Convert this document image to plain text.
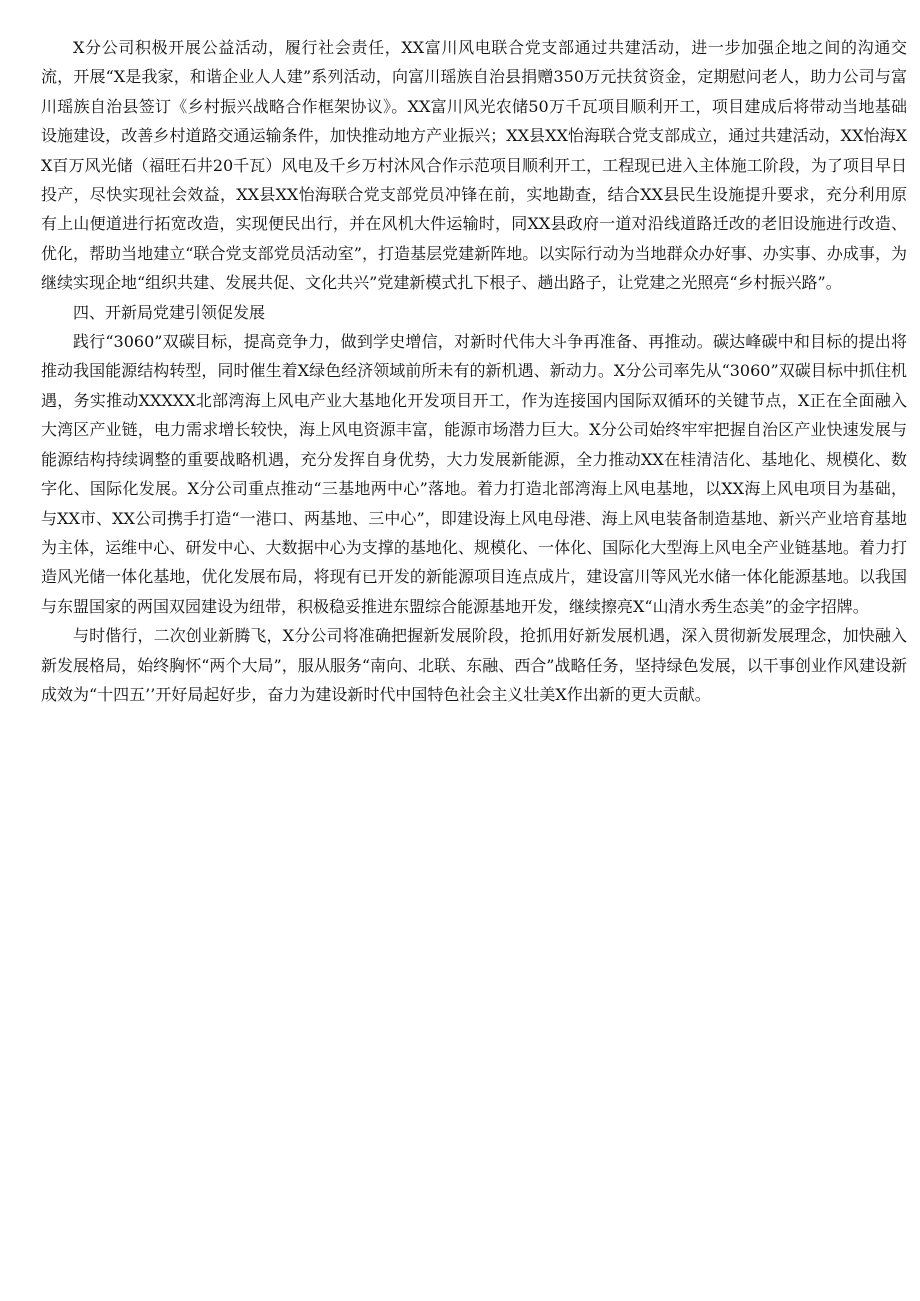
X分公司积极开展公益活动，履行社会责任，XX富川风电联合党支部通过共建活动，进一步加强企地之间的沟通交流，开展“X是我家，和谐企业人人建”系列活动，向富川瑶族自治县捐赠350万元扶贫资金，定期慰问老人，助力公司与富川瑶族自治县签订《乡村振兴战略合作框架协议》。XX富川风光农储50万千瓦项目顺利开工，项目建成后将带动当地基础设施建设，改善乡村道路交通运输条件，加快推动地方产业振兴；XX县XX怡海联合党支部成立，通过共建活动，XX怡海XX百万风光储（福旺石井20千瓦）风电及千乡万村沐风合作示范项目顺利开工，工程现已进入主体施工阶段，为了项目早日投产，尽快实现社会效益，XX县XX怡海联合党支部党员冲锋在前，实地勘查，结合XX县民生设施提升要求，充分利用原有上山便道进行拓宽改造，实现便民出行，并在风机大件运输时，同XX县政府一道对沿线道路迁改的老旧设施进行改造、优化，帮助当地建立“联合党支部党员活动室”，打造基层党建新阵地。以实际行动为当地群众办好事、办实事、办成事，为继续实现企地“组织共建、发展共促、文化共兴”党建新模式扎下根子、趟出路子，让党建之光照亮“乡村振兴路”。

四、开新局党建引领促发展

践行“3060”双碳目标，提高竞争力，做到学史增信，对新时代伟大斗争再准备、再推动。碳达峰碳中和目标的提出将推动我国能源结构转型，同时催生着X绿色经济领域前所未有的新机遇、新动力。X分公司率先从“3060”双碳目标中抓住机遇，务实推动XXXXX北部湾海上风电产业大基地化开发项目开工，作为连接国内国际双循环的关键节点，X正在全面融入大湾区产业链，电力需求增长较快，海上风电资源丰富，能源市场潜力巨大。X分公司始终牢牢把握自治区产业快速发展与能源结构持续调整的重要战略机遇，充分发挥自身优势，大力发展新能源，全力推动XX在桂清洁化、基地化、规模化、数字化、国际化发展。X分公司重点推动“三基地两中心”落地。着力打造北部湾海上风电基地，以XX海上风电项目为基础，与XX市、XX公司携手打造“一港口、两基地、三中心”，即建设海上风电母港、海上风电装备制造基地、新兴产业培育基地为主体，运维中心、研发中心、大数据中心为支撑的基地化、规模化、一体化、国际化大型海上风电全产业链基地。着力打造风光储一体化基地，优化发展布局，将现有已开发的新能源项目连点成片，建设富川等风光水储一体化能源基地。以我国与东盟国家的两国双园建设为纽带，积极稳妥推进东盟综合能源基地开发，继续擦亮X“山清水秀生态美”的金字招牌。

与时偕行，二次创业新腾飞，X分公司将准确把握新发展阶段，抢抓用好新发展机遇，深入贯彻新发展理念，加快融入新发展格局，始终胸怀“两个大局”，服从服务“南向、北联、东融、西合”战略任务，坚持绿色发展，以干事创业作风建设新成效为“十四五’’开好局起好步，奋力为建设新时代中国特色社会主义壮美X作出新的更大贡献。
